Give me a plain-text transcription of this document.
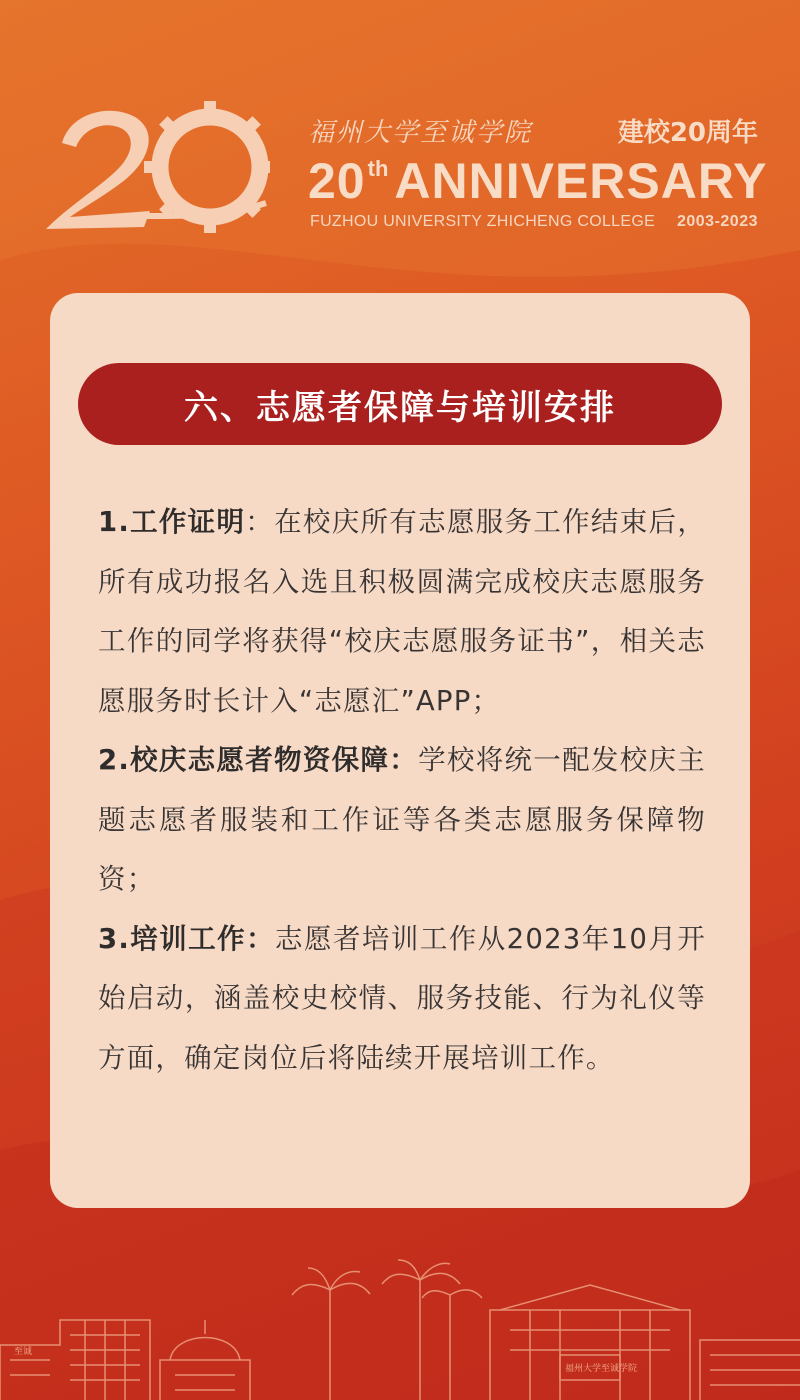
福州大学至诚学院	建校20周年
20 th ANNIVERSARY
FUZHOU UNIVERSITY ZHICHENG COLLEGE 2003-2023
六、志愿者保障与培训安排

1.工作证明：在校庆所有志愿服务工作结束后，所有成功报名入选且积极圆满完成校庆志愿服务工作的同学将获得“校庆志愿服务证书”，相关志愿服务时长计入“志愿汇”APP；

2.校庆志愿者物资保障：学校将统一配发校庆主题志愿者服装和工作证等各类志愿服务保障物资；

3.培训工作：志愿者培训工作从2023年10月开始启动，涵盖校史校情、服务技能、行为礼仪等方面，确定岗位后将陆续开展培训工作。

福州大学至诚学院
至诚
